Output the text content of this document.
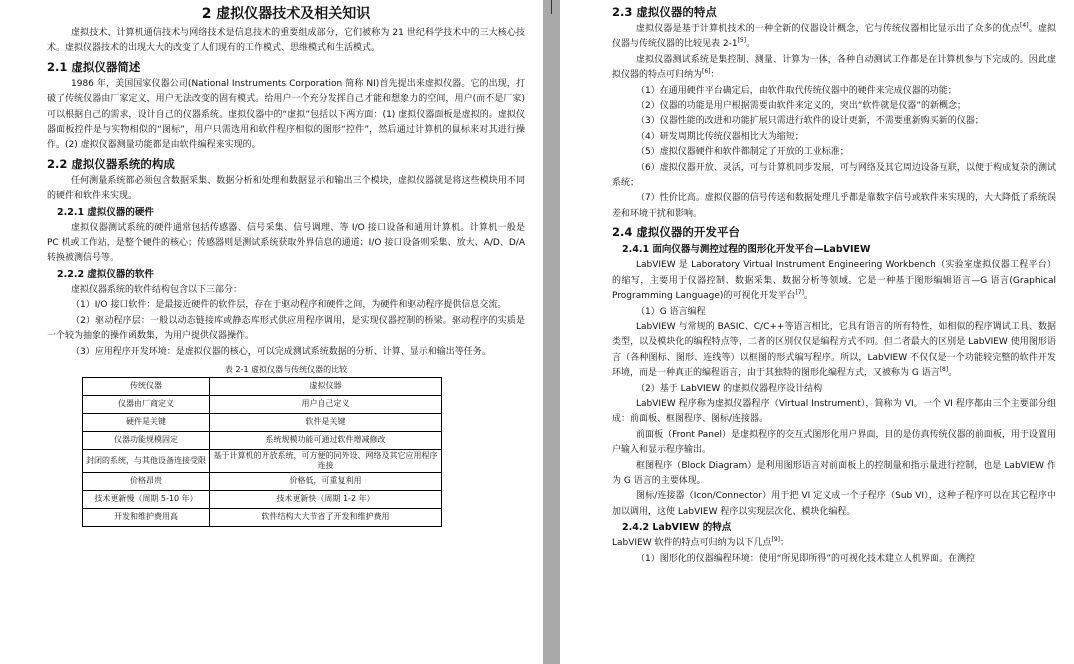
2 虚拟仪器技术及相关知识

虚拟技术、计算机通信技术与网络技术是信息技术的重要组成部分，它们被称为 21 世纪科学技术中的三大核心技术。虚拟仪器技术的出现大大的改变了人们现有的工作模式、思维模式和生活模式。

2.1 虚拟仪器简述

1986 年，美国国家仪器公司(National Instruments Corporation 简称 NI)首先提出来虚拟仪器。它的出现，打破了传统仪器由厂家定义，用户无法改变的固有模式。给用户一个充分发挥自己才能和想象力的空间，用户(而不是厂家)可以根据自己的需求，设计自己的仪器系统。虚拟仪器中的“虚拟”包括以下两方面：(1) 虚拟仪器面板是虚拟的。虚拟仪器面板控件是与实物相似的“图标”，用户只需选用和软件程序相似的图形“控件”，然后通过计算机的鼠标来对其进行操作。(2) 虚拟仪器测量功能都是由软件编程来实现的。

2.2 虚拟仪器系统的构成

任何测量系统都必须包含数据采集、数据分析和处理和数据显示和输出三个模块，虚拟仪器就是将这些模块用不同的硬件和软件来实现。

2.2.1 虚拟仪器的硬件

虚拟仪器测试系统的硬件通常包括传感器、信号采集、信号调理、等 I/O 接口设备和通用计算机。计算机一般是 PC 机或工作站，是整个硬件的核心；传感器则是测试系统获取外界信息的通道；I/O 接口设备则采集、放大、A/D、D/A 转换被测信号等。

2.2.2 虚拟仪器的软件

虚拟仪器系统的软件结构包含以下三部分：

（1）I/O 接口软件：是最接近硬件的软件层，存在于驱动程序和硬件之间，为硬件和驱动程序提供信息交流。

（2）驱动程序层：一般以动态链接库或静态库形式供应用程序调用，是实现仪器控制的桥梁。驱动程序的实质是一个较为抽象的操作函数集，为用户提供仪器操作。

（3）应用程序开发环境：是虚拟仪器的核心，可以完成测试系统数据的分析、计算、显示和输出等任务。

表 2-1 虚拟仪器与传统仪器的比较
传统仪器	虚拟仪器
仪器由厂商定义	用户自己定义
硬件是关键	软件是关键
仪器功能规模固定	系统规模功能可通过软件增减修改
封闭的系统，与其他设备连接受限	基于计算机的开放系统，可方便的同外设、网络及其它应用程序连接
价格昂贵	价格低，可重复利用
技术更新慢（周期 5-10 年）	技术更新快（周期 1-2 年）
开发和维护费用高	软件结构大大节省了开发和维护费用
2.3 虚拟仪器的特点

虚拟仪器是基于计算机技术的一种全新的仪器设计概念，它与传统仪器相比显示出了众多的优点[4]。虚拟仪器与传统仪器的比较见表 2-1[5]。

虚拟仪器测试系统是集控制、测量、计算为一体，各种自动测试工作都是在计算机参与下完成的。因此虚拟仪器的特点可归纳为[6]：

（1）在通用硬件平台确定后，由软件取代传统仪器中的硬件来完成仪器的功能；

（2）仪器的功能是用户根据需要由软件来定义的，突出“软件就是仪器”的新概念；

（3）仪器性能的改进和功能扩展只需进行软件的设计更新，不需要重新购买新的仪器；

（4）研发周期比传统仪器相比大为缩短；

（5）虚拟仪器硬件和软件都制定了开放的工业标准；

（6）虚拟仪器开放、灵活，可与计算机同步发展，可与网络及其它周边设备互联，以便于构成复杂的测试系统；

（7）性价比高。虚拟仪器的信号传送和数据处理几乎都是靠数字信号或软件来实现的，大大降低了系统误差和环境干扰和影响。

2.4 虚拟仪器的开发平台
2.4.1 面向仪器与测控过程的图形化开发平台—LabVIEW

LabVIEW 是 Laboratory Virtual Instrument Engineering Workbench（实验室虚拟仪器工程平台）的缩写，主要用于仪器控制、数据采集、数据分析等领域。它是一种基于图形编辑语言—G 语言(Graphical Programming Language)的可视化开发平台[7]。

（1）G 语言编程

LabVIEW 与常规的 BASIC、C/C++等语言相比，它具有语言的所有特性，如相似的程序调试工具、数据类型，以及模块化的编程特点等，二者的区别仅仅是编程方式不同。但二者最大的区别是 LabVIEW 使用图形语言（各种图标、图形、连线等）以框图的形式编写程序。所以，LabVIEW 不仅仅是一个功能较完整的软件开发环境，而是一种真正的编程语言，由于其独特的图形化编程方式，又被称为 G 语言[8]。

（2）基于 LabVIEW 的虚拟仪器程序设计结构

LabVIEW 程序称为虚拟仪器程序（Virtual Instrument），简称为 VI。一个 VI 程序都由三个主要部分组成：前面板、框图程序、图标/连接器。

前面板（Front Panel）是虚拟程序的交互式图形化用户界面，目的是仿真传统仪器的前面板，用于设置用户输入和显示程序输出。

框图程序（Block Diagram）是利用图形语言对前面板上的控制量和指示量进行控制，也是 LabVIEW 作为 G 语言的主要体现。

图标/连接器（Icon/Connector）用于把 VI 定义成一个子程序（Sub VI），这种子程序可以在其它程序中加以调用，这使 LabVIEW 程序以实现层次化、模块化编程。

2.4.2 LabVIEW 的特点

LabVIEW 软件的特点可归纳为以下几点[9]：

（1）图形化的仪器编程环境：使用“所见即所得”的可视化技术建立人机界面。在测控
